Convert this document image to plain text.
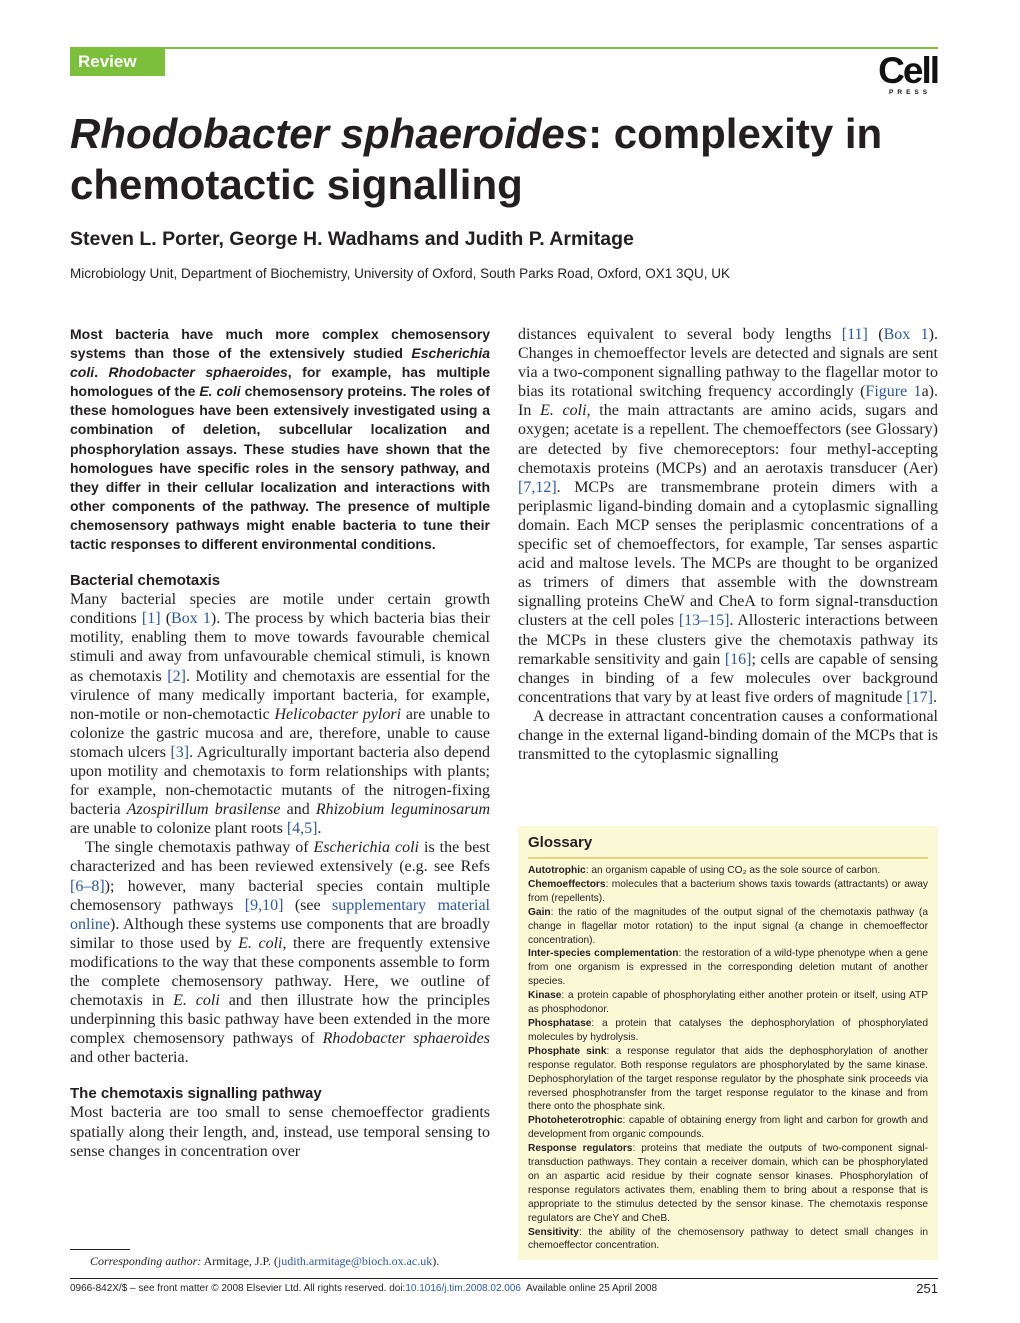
Review	Cell
PRESS
Rhodobacter sphaeroides: complexity in chemotactic signalling
Steven L. Porter, George H. Wadhams and Judith P. Armitage
Microbiology Unit, Department of Biochemistry, University of Oxford, South Parks Road, Oxford, OX1 3QU, UK

Most bacteria have much more complex chemosensory systems than those of the extensively studied Escherichia coli. Rhodobacter sphaeroides, for example, has multiple homologues of the E. coli chemosensory proteins. The roles of these homologues have been extensively investigated using a combination of deletion, subcellular localization and phosphorylation assays. These studies have shown that the homologues have specific roles in the sensory pathway, and they differ in their cellular localization and interactions with other components of the pathway. The presence of multiple chemosensory pathways might enable bacteria to tune their tactic responses to different environmental conditions.

Bacterial chemotaxis

Many bacterial species are motile under certain growth conditions [1] (Box 1). The process by which bacteria bias their motility, enabling them to move towards favourable chemical stimuli and away from unfavourable chemical stimuli, is known as chemotaxis [2]. Motility and chemotaxis are essential for the virulence of many medically important bacteria, for example, non-motile or non-chemotactic Helicobacter pylori are unable to colonize the gastric mucosa and are, therefore, unable to cause stomach ulcers [3]. Agriculturally important bacteria also depend upon motility and chemotaxis to form relationships with plants; for example, non-chemotactic mutants of the nitrogen-fixing bacteria Azospirillum brasilense and Rhizobium leguminosarum are unable to colonize plant roots [4,5].

The single chemotaxis pathway of Escherichia coli is the best characterized and has been reviewed extensively (e.g. see Refs [6–8]); however, many bacterial species contain multiple chemosensory pathways [9,10] (see supplementary material online). Although these systems use components that are broadly similar to those used by E. coli, there are frequently extensive modifications to the way that these components assemble to form the complete chemosensory pathway. Here, we outline of chemotaxis in E. coli and then illustrate how the principles underpinning this basic pathway have been extended in the more complex chemosensory pathways of Rhodobacter sphaeroides and other bacteria.

The chemotaxis signalling pathway

Most bacteria are too small to sense chemoeffector gradients spatially along their length, and, instead, use temporal sensing to sense changes in concentration over

distances equivalent to several body lengths [11] (Box 1). Changes in chemoeffector levels are detected and signals are sent via a two-component signalling pathway to the flagellar motor to bias its rotational switching frequency accordingly (Figure 1a). In E. coli, the main attractants are amino acids, sugars and oxygen; acetate is a repellent. The chemoeffectors (see Glossary) are detected by five chemoreceptors: four methyl-accepting chemotaxis proteins (MCPs) and an aerotaxis transducer (Aer) [7,12]. MCPs are transmembrane protein dimers with a periplasmic ligand-binding domain and a cytoplasmic signalling domain. Each MCP senses the periplasmic concentrations of a specific set of chemoeffectors, for example, Tar senses aspartic acid and maltose levels. The MCPs are thought to be organized as trimers of dimers that assemble with the downstream signalling proteins CheW and CheA to form signal-transduction clusters at the cell poles [13–15]. Allosteric interactions between the MCPs in these clusters give the chemotaxis pathway its remarkable sensitivity and gain [16]; cells are capable of sensing changes in binding of a few molecules over background concentrations that vary by at least five orders of magnitude [17].

A decrease in attractant concentration causes a conformational change in the external ligand-binding domain of the MCPs that is transmitted to the cytoplasmic signalling

Glossary

Autotrophic: an organism capable of using CO₂ as the sole source of carbon.

Chemoeffectors: molecules that a bacterium shows taxis towards (attractants) or away from (repellents).

Gain: the ratio of the magnitudes of the output signal of the chemotaxis pathway (a change in flagellar motor rotation) to the input signal (a change in chemoeffector concentration).

Inter-species complementation: the restoration of a wild-type phenotype when a gene from one organism is expressed in the corresponding deletion mutant of another species.

Kinase: a protein capable of phosphorylating either another protein or itself, using ATP as phosphodonor.

Phosphatase: a protein that catalyses the dephosphorylation of phosphorylated molecules by hydrolysis.

Phosphate sink: a response regulator that aids the dephosphorylation of another response regulator. Both response regulators are phosphorylated by the same kinase. Dephosphorylation of the target response regulator by the phosphate sink proceeds via reversed phosphotransfer from the target response regulator to the kinase and from there onto the phosphate sink.

Photoheterotrophic: capable of obtaining energy from light and carbon for growth and development from organic compounds.

Response regulators: proteins that mediate the outputs of two-component signal-transduction pathways. They contain a receiver domain, which can be phosphorylated on an aspartic acid residue by their cognate sensor kinases. Phosphorylation of response regulators activates them, enabling them to bring about a response that is appropriate to the stimulus detected by the sensor kinase. The chemotaxis response regulators are CheY and CheB.

Sensitivity: the ability of the chemosensory pathway to detect small changes in chemoeffector concentration.

Corresponding author: Armitage, J.P. (judith.armitage@bioch.ox.ac.uk).
0966-842X/$ – see front matter © 2008 Elsevier Ltd. All rights reserved. doi:10.1016/j.tim.2008.02.006  Available online 25 April 2008	251
